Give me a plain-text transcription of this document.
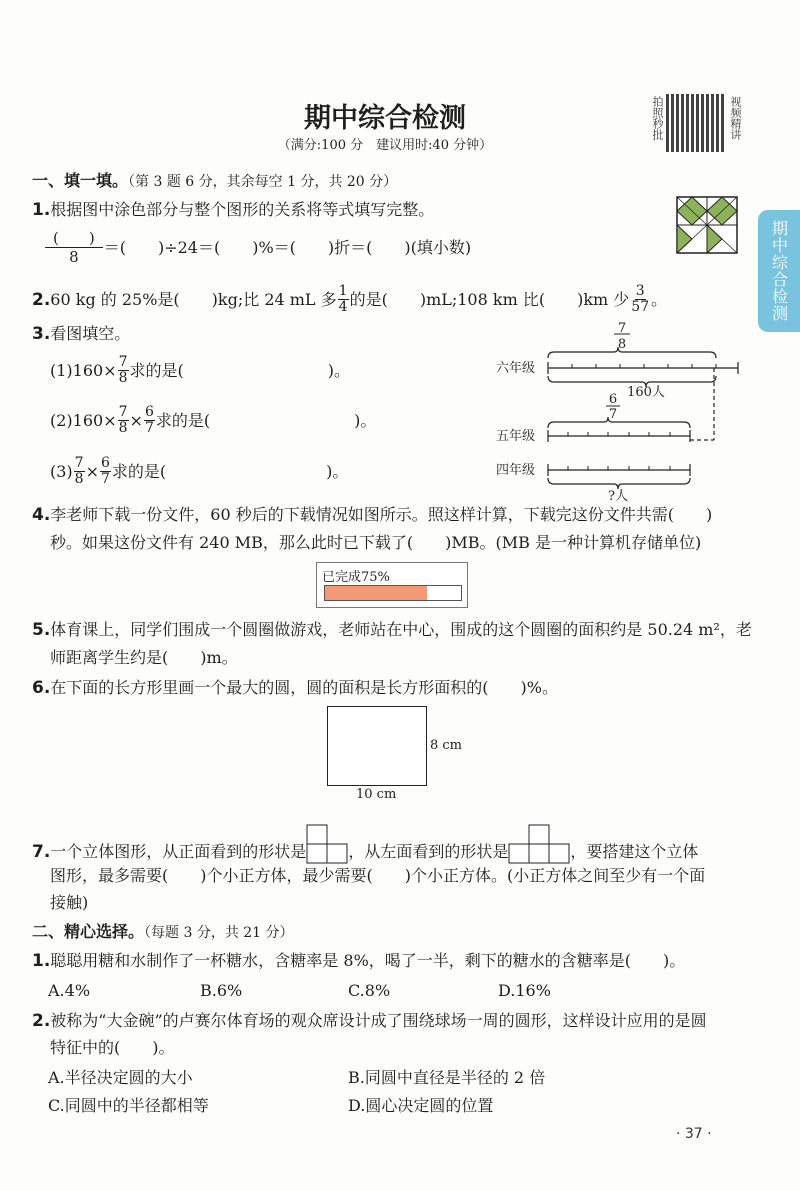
期中综合检测
（满分:100 分　建议用时:40 分钟）
拍照秒批	视频精讲
期中综合检测
一、填一填。（第 3 题 6 分，其余每空 1 分，共 20 分）
1.根据图中涂色部分与整个图形的关系将等式填写完整。
$\frac{( )}{8}$ ＝(　　)÷24＝(　　)%＝(　　)折＝(　　)(填小数)
2. 60 kg 的 25%是(　　)kg;比 24 mL 多 $\frac{1}{4}$ 的是(　　)mL;108 km 比(　　)km 少 $\frac{3}{57}$ 。
3.看图填空。
$(1)160\times \frac{7}{8}$ 求的是(　　　　　　　　　)。
$(2)160\times \frac{7}{8} \times \frac{6}{7}$ 求的是(　　　　　　　　　)。
$(3) \frac{7}{8} \times \frac{6}{7}$ 求的是(　　　　　　　　　　)。
六年级
五年级
四年级
7
8
6
7
160人
?人
4.李老师下载一份文件，60 秒后的下载情况如图所示。照这样计算，下载完这份文件共需(　　)
秒。如果这份文件有 240 MB，那么此时已下载了(　　)MB。(MB 是一种计算机存储单位)
已完成75%
5.体育课上，同学们围成一个圆圈做游戏，老师站在中心，围成的这个圆圈的面积约是 50.24 m²，老
师距离学生约是(　　)m。
6.在下面的长方形里画一个最大的圆，圆的面积是长方形面积的(　　)%。
8 cm
10 cm
7. 一个立体图形，从正面看到的形状是	，从左面看到的形状是	，要搭建这个立体
图形，最多需要(　　)个小正方体，最少需要(　　)个小正方体。(小正方体之间至少有一个面
接触)
二、精心选择。（每题 3 分，共 21 分）
1.聪聪用糖和水制作了一杯糖水，含糖率是 8%，喝了一半，剩下的糖水的含糖率是(　　)。
A.4%	B.6%	C.8%	D.16%
2.被称为“大金碗”的卢赛尔体育场的观众席设计成了围绕球场一周的圆形，这样设计应用的是圆
特征中的(　　)。
A.半径决定圆的大小	B.同圆中直径是半径的 2 倍
C.同圆中的半径都相等	D.圆心决定圆的位置
· 37 ·
